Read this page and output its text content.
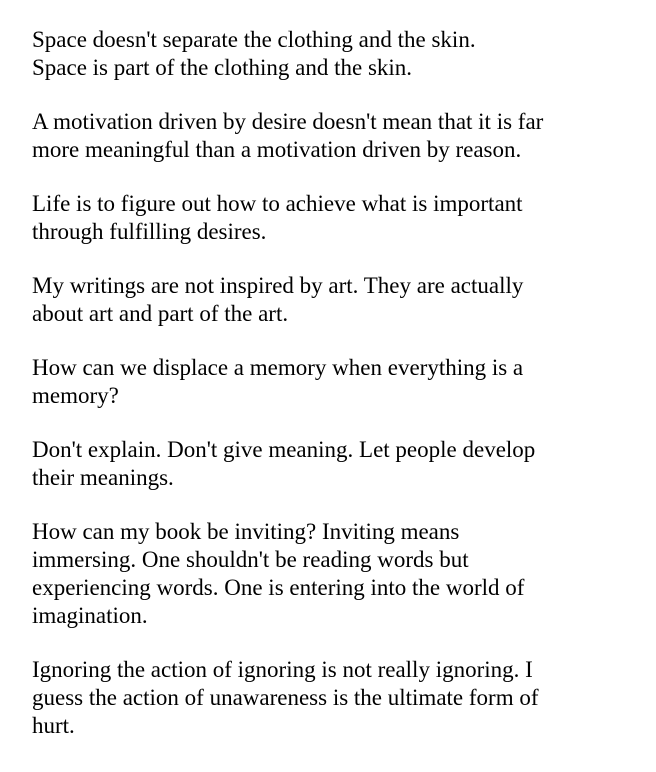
Space doesn't separate the clothing and the skin.
Space is part of the clothing and the skin.

A motivation driven by desire doesn't mean that it is far
more meaningful than a motivation driven by reason.

Life is to figure out how to achieve what is important
through fulfilling desires.

My writings are not inspired by art. They are actually
about art and part of the art.

How can we displace a memory when everything is a
memory?

Don't explain. Don't give meaning. Let people develop
their meanings.

How can my book be inviting? Inviting means
immersing. One shouldn't be reading words but
experiencing words. One is entering into the world of
imagination.

Ignoring the action of ignoring is not really ignoring. I
guess the action of unawareness is the ultimate form of
hurt.
